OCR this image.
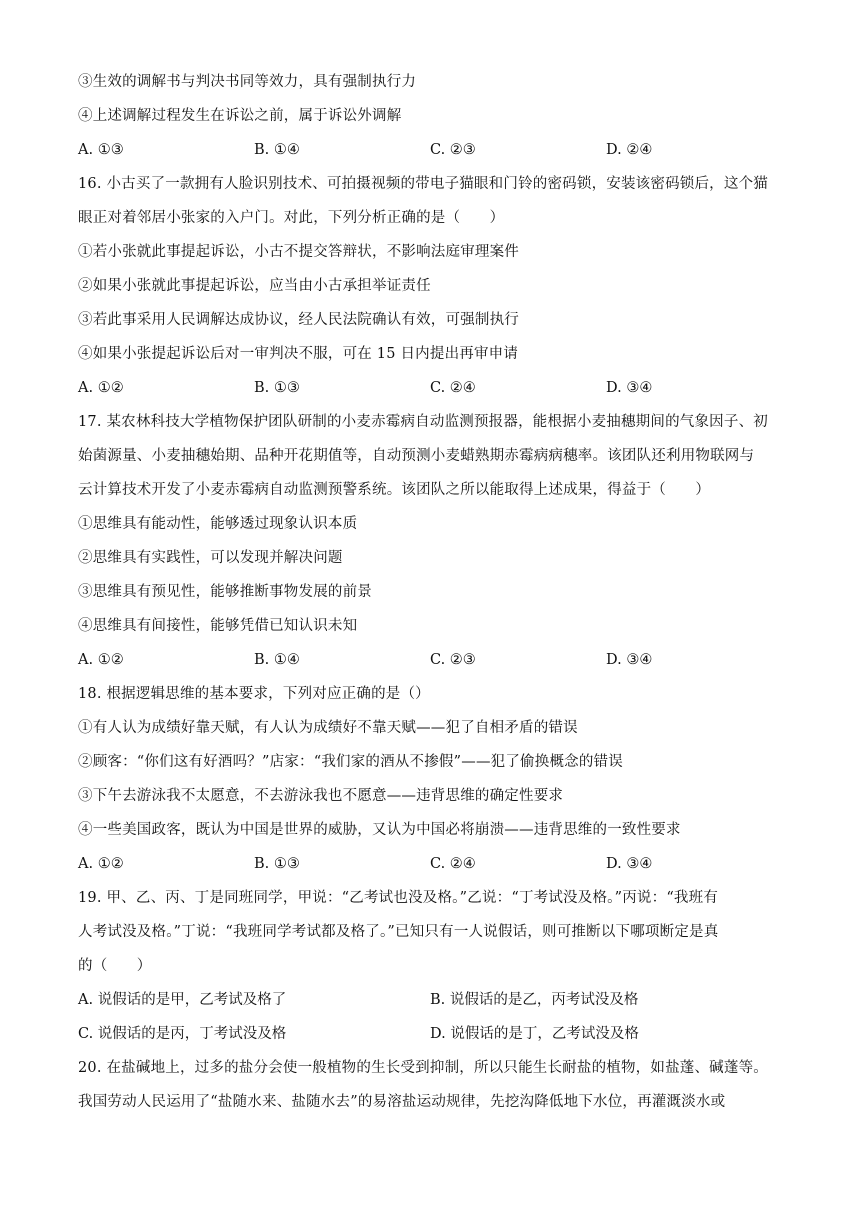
③生效的调解书与判决书同等效力，具有强制执行力
④上述调解过程发生在诉讼之前，属于诉讼外调解
A. ①③	B. ①④	C. ②③	D. ②④
16. 小古买了一款拥有人脸识别技术、可拍摄视频的带电子猫眼和门铃的密码锁，安装该密码锁后，这个猫
眼正对着邻居小张家的入户门。对此，下列分析正确的是（　　）
①若小张就此事提起诉讼，小古不提交答辩状，不影响法庭审理案件
②如果小张就此事提起诉讼，应当由小古承担举证责任
③若此事采用人民调解达成协议，经人民法院确认有效，可强制执行
④如果小张提起诉讼后对一审判决不服，可在 15 日内提出再审申请
A. ①②	B. ①③	C. ②④	D. ③④
17. 某农林科技大学植物保护团队研制的小麦赤霉病自动监测预报器，能根据小麦抽穗期间的气象因子、初
始菌源量、小麦抽穗始期、品种开花期值等，自动预测小麦蜡熟期赤霉病病穗率。该团队还利用物联网与
云计算技术开发了小麦赤霉病自动监测预警系统。该团队之所以能取得上述成果，得益于（　　）
①思维具有能动性，能够透过现象认识本质
②思维具有实践性，可以发现并解决问题
③思维具有预见性，能够推断事物发展的前景
④思维具有间接性，能够凭借已知认识未知
A. ①②	B. ①④	C. ②③	D. ③④
18. 根据逻辑思维的基本要求，下列对应正确的是（）
①有人认为成绩好靠天赋，有人认为成绩好不靠天赋——犯了自相矛盾的错误
②顾客：“你们这有好酒吗？”店家：“我们家的酒从不掺假”——犯了偷换概念的错误
③下午去游泳我不太愿意，不去游泳我也不愿意——违背思维的确定性要求
④一些美国政客，既认为中国是世界的威胁，又认为中国必将崩溃——违背思维的一致性要求
A. ①②	B. ①③	C. ②④	D. ③④
19. 甲、乙、丙、丁是同班同学，甲说：“乙考试也没及格。”乙说：“丁考试没及格。”丙说：“我班有
人考试没及格。”丁说：“我班同学考试都及格了。”已知只有一人说假话，则可推断以下哪项断定是真
的（　　）
A. 说假话的是甲，乙考试及格了	B. 说假话的是乙，丙考试没及格
C. 说假话的是丙，丁考试没及格	D. 说假话的是丁，乙考试没及格
20. 在盐碱地上，过多的盐分会使一般植物的生长受到抑制，所以只能生长耐盐的植物，如盐蓬、碱蓬等。
我国劳动人民运用了“盐随水来、盐随水去”的易溶盐运动规律，先挖沟降低地下水位，再灌溉淡水或
